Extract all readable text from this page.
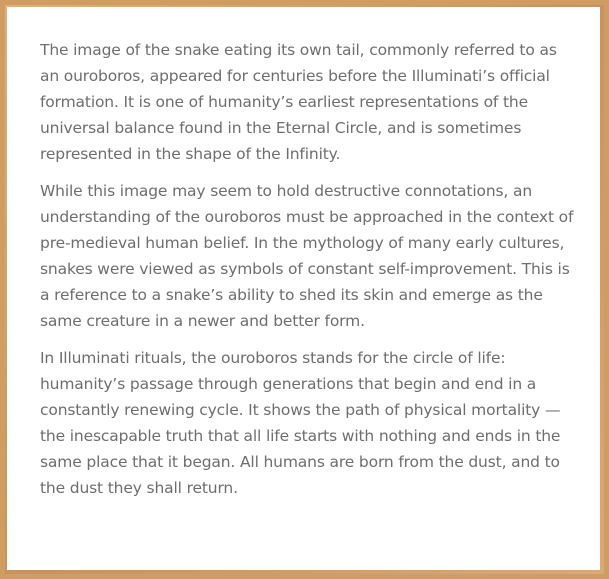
The image of the snake eating its own tail, commonly referred to as an ouroboros, appeared for centuries before the Illuminati’s official formation. It is one of humanity’s earliest representations of the universal balance found in the Eternal Circle, and is sometimes represented in the shape of the Infinity.

While this image may seem to hold destructive connotations, an understanding of the ouroboros must be approached in the context of pre-medieval human belief. In the mythology of many early cultures, snakes were viewed as symbols of constant self-improvement. This is a reference to a snake’s ability to shed its skin and emerge as the same creature in a newer and better form.

In Illuminati rituals, the ouroboros stands for the circle of life: humanity’s passage through generations that begin and end in a constantly renewing cycle. It shows the path of physical mortality — the inescapable truth that all life starts with nothing and ends in the same place that it began. All humans are born from the dust, and to the dust they shall return.
